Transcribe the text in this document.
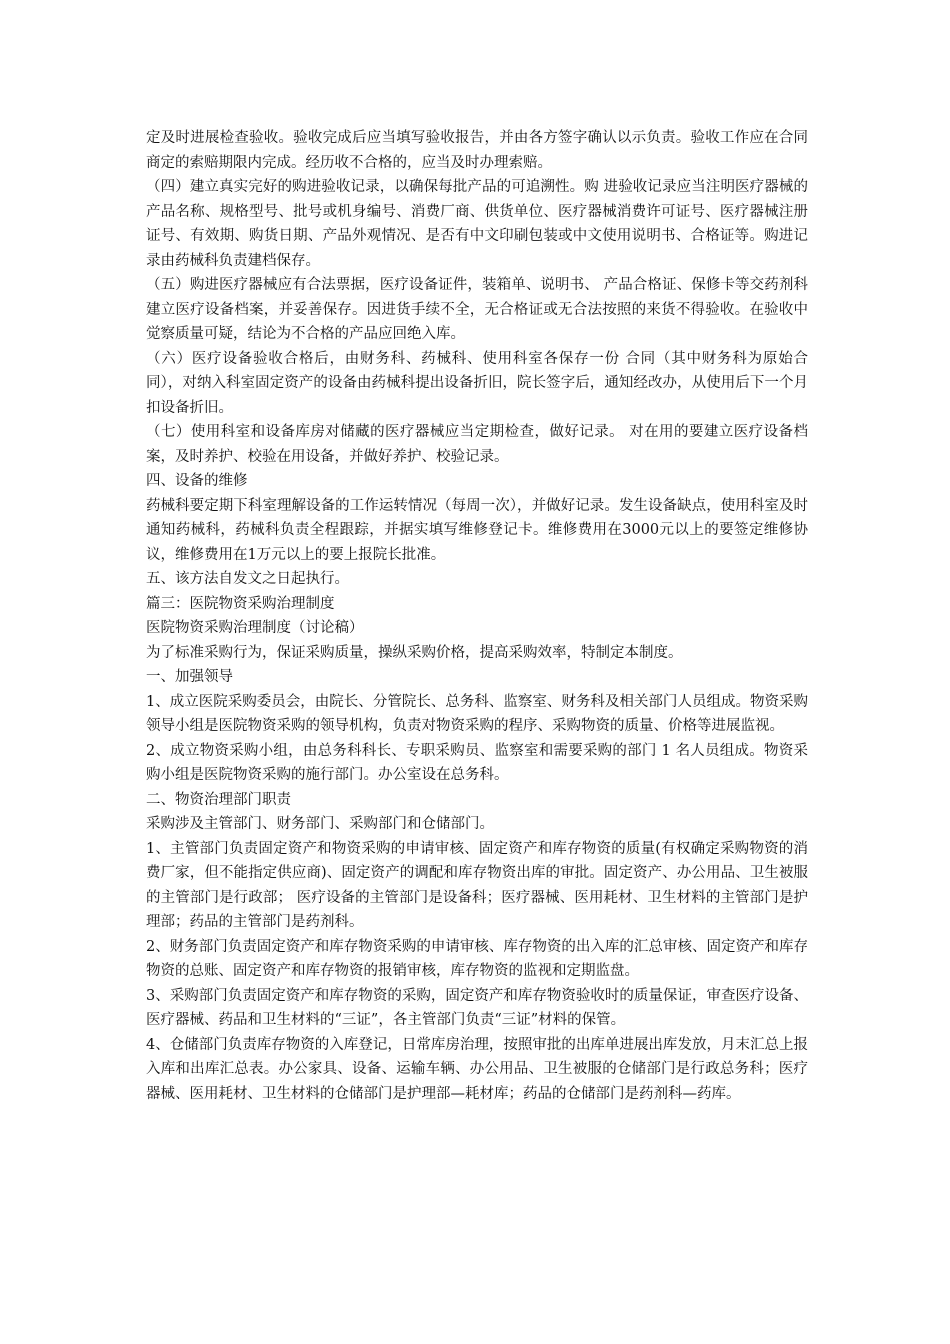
定及时进展检查验收。验收完成后应当填写验收报告，并由各方签字确认以示负责。验收工作应在合同商定的索赔期限内完成。经历收不合格的，应当及时办理索赔。

（四）建立真实完好的购进验收记录，以确保每批产品的可追溯性。购 进验收记录应当注明医疗器械的产品名称、规格型号、批号或机身编号、消费厂商、供货单位、医疗器械消费许可证号、医疗器械注册证号、有效期、购货日期、产品外观情况、是否有中文印刷包装或中文使用说明书、合格证等。购进记录由药械科负责建档保存。

（五）购进医疗器械应有合法票据，医疗设备证件，装箱单、说明书、 产品合格证、保修卡等交药剂科建立医疗设备档案，并妥善保存。因进货手续不全，无合格证或无合法按照的来货不得验收。在验收中觉察质量可疑，结论为不合格的产品应回绝入库。

（六）医疗设备验收合格后，由财务科、药械科、使用科室各保存一份 合同（其中财务科为原始合同），对纳入科室固定资产的设备由药械科提出设备折旧，院长签字后，通知经改办，从使用后下一个月扣设备折旧。

（七）使用科室和设备库房对储藏的医疗器械应当定期检查，做好记录。 对在用的要建立医疗设备档案，及时养护、校验在用设备，并做好养护、校验记录。

四、设备的维修

药械科要定期下科室理解设备的工作运转情况（每周一次），并做好记录。发生设备缺点，使用科室及时通知药械科，药械科负责全程跟踪，并据实填写维修登记卡。维修费用在3000元以上的要签定维修协议，维修费用在1万元以上的要上报院长批准。

五、该方法自发文之日起执行。

篇三：医院物资采购治理制度

医院物资采购治理制度（讨论稿）

为了标准采购行为，保证采购质量，操纵采购价格，提高采购效率，特制定本制度。

一、加强领导

1、成立医院采购委员会，由院长、分管院长、总务科、监察室、财务科及相关部门人员组成。物资采购领导小组是医院物资采购的领导机构，负责对物资采购的程序、采购物资的质量、价格等进展监视。

2、成立物资采购小组，由总务科科长、专职采购员、监察室和需要采购的部门 1 名人员组成。物资采购小组是医院物资采购的施行部门。办公室设在总务科。

二、物资治理部门职责

采购涉及主管部门、财务部门、采购部门和仓储部门。

1、主管部门负责固定资产和物资采购的申请审核、固定资产和库存物资的质量(有权确定采购物资的消费厂家，但不能指定供应商)、固定资产的调配和库存物资出库的审批。固定资产、办公用品、卫生被服的主管部门是行政部； 医疗设备的主管部门是设备科；医疗器械、医用耗材、卫生材料的主管部门是护理部；药品的主管部门是药剂科。

2、财务部门负责固定资产和库存物资采购的申请审核、库存物资的出入库的汇总审核、固定资产和库存物资的总账、固定资产和库存物资的报销审核，库存物资的监视和定期监盘。

3、采购部门负责固定资产和库存物资的采购，固定资产和库存物资验收时的质量保证，审查医疗设备、医疗器械、药品和卫生材料的“三证”，各主管部门负责“三证”材料的保管。

4、仓储部门负责库存物资的入库登记，日常库房治理，按照审批的出库单进展出库发放，月末汇总上报入库和出库汇总表。办公家具、设备、运输车辆、办公用品、卫生被服的仓储部门是行政总务科；医疗器械、医用耗材、卫生材料的仓储部门是护理部—耗材库；药品的仓储部门是药剂科—药库。
